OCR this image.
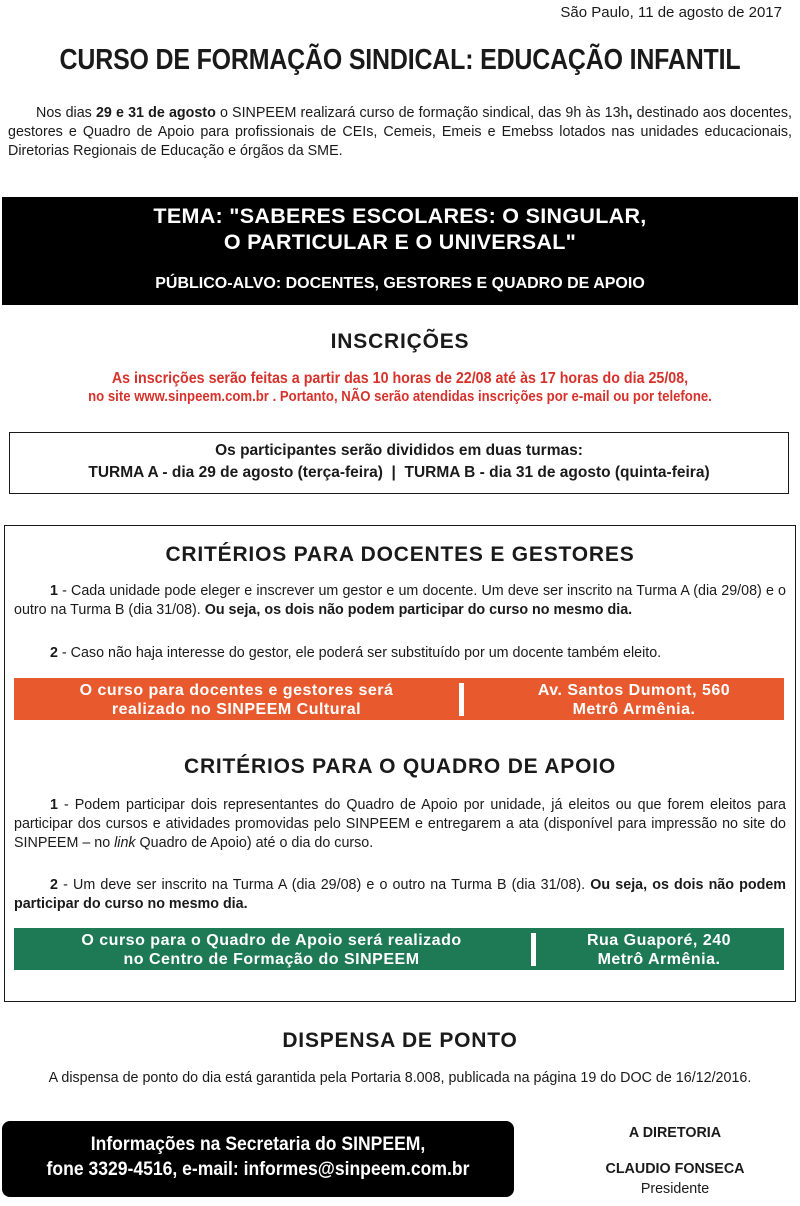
São Paulo, 11 de agosto de 2017
CURSO DE FORMAÇÃO SINDICAL: EDUCAÇÃO INFANTIL

Nos dias 29 e 31 de agosto o SINPEEM realizará curso de formação sindical, das 9h às 13h, destinado aos docentes, gestores e Quadro de Apoio para profissionais de CEIs, Cemeis, Emeis e Emebss lotados nas unidades educacionais, Diretorias Regionais de Educação e órgãos da SME.

TEMA: "SABERES ESCOLARES: O SINGULAR,
O PARTICULAR E O UNIVERSAL"
PÚBLICO-ALVO: DOCENTES, GESTORES E QUADRO DE APOIO
INSCRIÇÕES
As inscrições serão feitas a partir das 10 horas de 22/08 até às 17 horas do dia 25/08,
no site www.sinpeem.com.br . Portanto, NÃO serão atendidas inscrições por e-mail ou por telefone.
Os participantes serão divididos em duas turmas:
TURMA A - dia 29 de agosto (terça-feira)  |  TURMA B - dia 31 de agosto (quinta-feira)
CRITÉRIOS PARA DOCENTES E GESTORES

1 - Cada unidade pode eleger e inscrever um gestor e um docente. Um deve ser inscrito na Turma A (dia 29/08) e o outro na Turma B (dia 31/08). Ou seja, os dois não podem participar do curso no mesmo dia.

2 - Caso não haja interesse do gestor, ele poderá ser substituído por um docente também eleito.

O curso para docentes e gestores será
realizado no SINPEEM Cultural
Av. Santos Dumont, 560
Metrô Armênia.
CRITÉRIOS PARA O QUADRO DE APOIO

1 - Podem participar dois representantes do Quadro de Apoio por unidade, já eleitos ou que forem eleitos para participar dos cursos e atividades promovidas pelo SINPEEM e entregarem a ata (disponível para impressão no site do SINPEEM – no link Quadro de Apoio) até o dia do curso.

2 - Um deve ser inscrito na Turma A (dia 29/08) e o outro na Turma B (dia 31/08). Ou seja, os dois não podem participar do curso no mesmo dia.

O curso para o Quadro de Apoio será realizado
no Centro de Formação do SINPEEM
Rua Guaporé, 240
Metrô Armênia.
DISPENSA DE PONTO
A dispensa de ponto do dia está garantida pela Portaria 8.008, publicada na página 19 do DOC de 16/12/2016.
Informações na Secretaria do SINPEEM,
fone 3329-4516, e-mail: informes@sinpeem.com.br
A DIRETORIA
CLAUDIO FONSECA
Presidente
